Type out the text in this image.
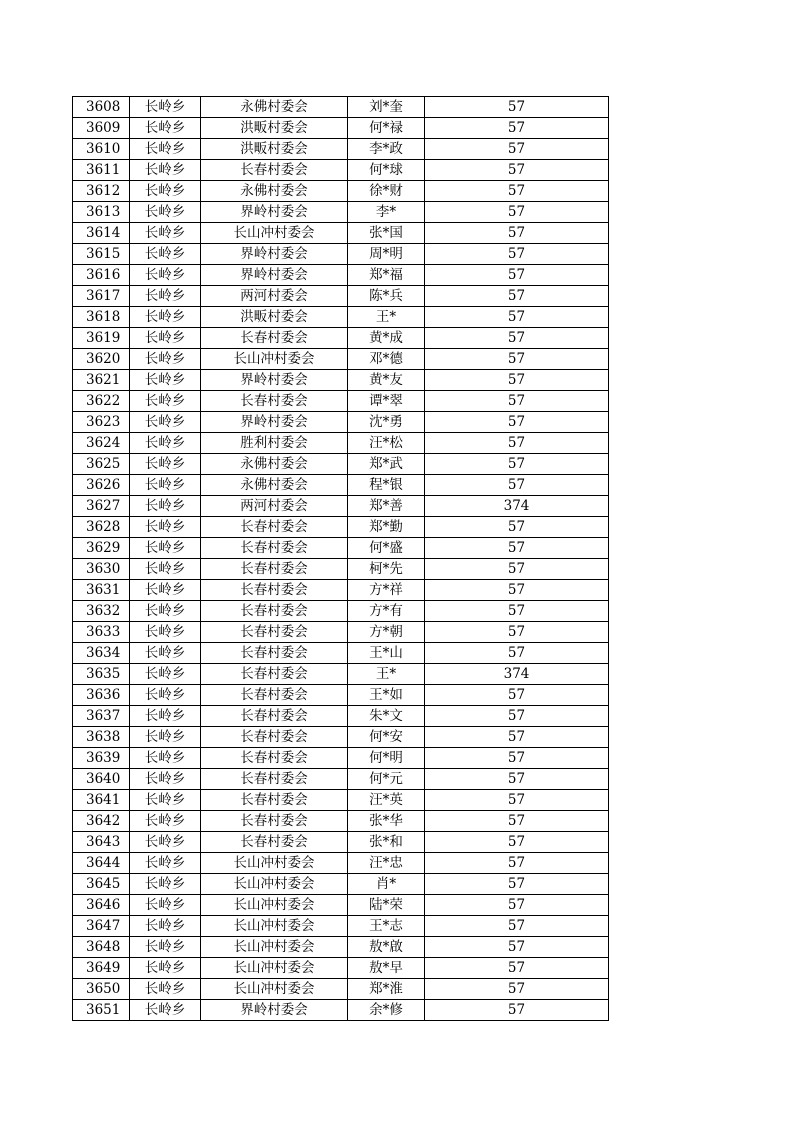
3608	长岭乡	永佛村委会	刘*奎	57
3609	长岭乡	洪畈村委会	何*禄	57
3610	长岭乡	洪畈村委会	李*政	57
3611	长岭乡	长春村委会	何*球	57
3612	长岭乡	永佛村委会	徐*财	57
3613	长岭乡	界岭村委会	李*	57
3614	长岭乡	长山冲村委会	张*国	57
3615	长岭乡	界岭村委会	周*明	57
3616	长岭乡	界岭村委会	郑*福	57
3617	长岭乡	两河村委会	陈*兵	57
3618	长岭乡	洪畈村委会	王*	57
3619	长岭乡	长春村委会	黄*成	57
3620	长岭乡	长山冲村委会	邓*德	57
3621	长岭乡	界岭村委会	黄*友	57
3622	长岭乡	长春村委会	谭*翠	57
3623	长岭乡	界岭村委会	沈*勇	57
3624	长岭乡	胜利村委会	汪*松	57
3625	长岭乡	永佛村委会	郑*武	57
3626	长岭乡	永佛村委会	程*银	57
3627	长岭乡	两河村委会	郑*善	374
3628	长岭乡	长春村委会	郑*勤	57
3629	长岭乡	长春村委会	何*盛	57
3630	长岭乡	长春村委会	柯*先	57
3631	长岭乡	长春村委会	方*祥	57
3632	长岭乡	长春村委会	方*有	57
3633	长岭乡	长春村委会	方*朝	57
3634	长岭乡	长春村委会	王*山	57
3635	长岭乡	长春村委会	王*	374
3636	长岭乡	长春村委会	王*如	57
3637	长岭乡	长春村委会	朱*文	57
3638	长岭乡	长春村委会	何*安	57
3639	长岭乡	长春村委会	何*明	57
3640	长岭乡	长春村委会	何*元	57
3641	长岭乡	长春村委会	汪*英	57
3642	长岭乡	长春村委会	张*华	57
3643	长岭乡	长春村委会	张*和	57
3644	长岭乡	长山冲村委会	汪*忠	57
3645	长岭乡	长山冲村委会	肖*	57
3646	长岭乡	长山冲村委会	陆*荣	57
3647	长岭乡	长山冲村委会	王*志	57
3648	长岭乡	长山冲村委会	敖*啟	57
3649	长岭乡	长山冲村委会	敖*早	57
3650	长岭乡	长山冲村委会	郑*淮	57
3651	长岭乡	界岭村委会	余*修	57
